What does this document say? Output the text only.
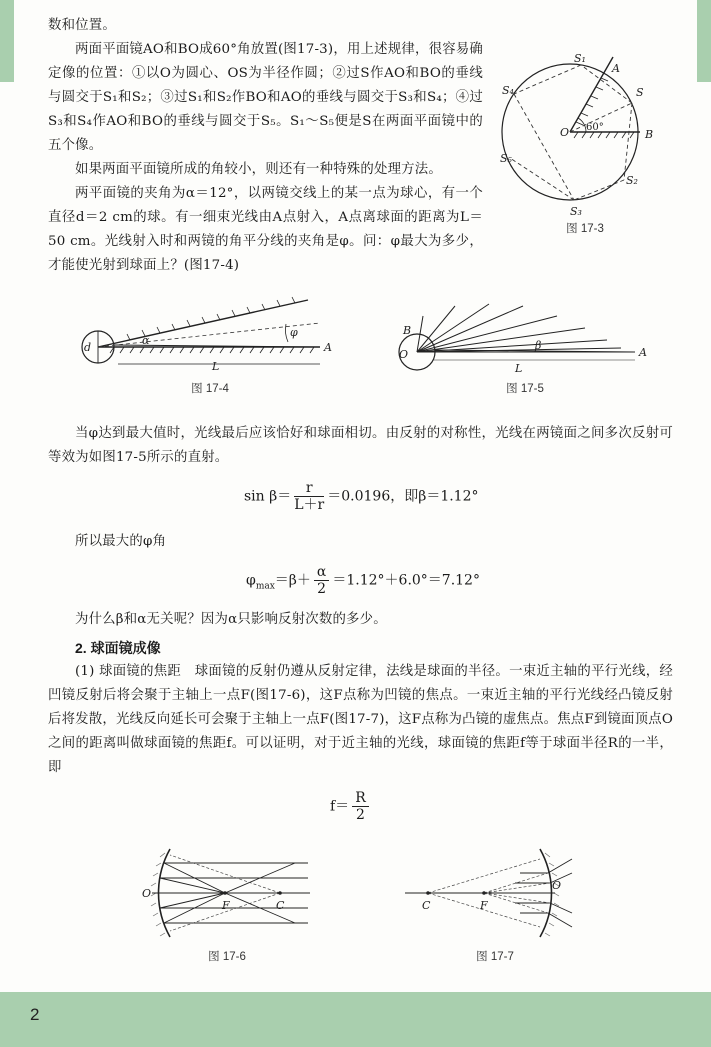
数和位置。

两面平面镜AO和BO成60°角放置(图17-3)，用上述规律，很容易确定像的位置：①以O为圆心、OS为半径作圆；②过S作AO和BO的垂线与圆交于S₁和S₂；③过S₁和S₂作BO和AO的垂线与圆交于S₃和S₄；④过S₃和S₄作AO和BO的垂线与圆交于S₅。S₁～S₅便是S在两面平面镜中的五个像。

如果两面平面镜所成的角较小，则还有一种特殊的处理方法。

两平面镜的夹角为α＝12°，以两镜交线上的某一点为球心，有一个直径d＝2 cm的球。有一细束光线由A点射入，A点离球面的距离为L＝50 cm。光线射入时和两镜的角平分线的夹角是φ。问：φ最大为多少，才能使光射到球面上？(图17-4)

S₁
A
S
S₄
O	B
S₅
S₂
S₃
60°
图 17-3
d
α
φ
L
A
图 17-4
B
O
β
L
A
图 17-5

当φ达到最大值时，光线最后应该恰好和球面相切。由反射的对称性，光线在两镜面之间多次反射可等效为如图17-5所示的直射。

$\sin \beta= \frac{r}{L+r} =0.0196$，即β＝1.12°

所以最大的φ角

$\varphi_{max}=\beta+ \frac{\alpha}{2} =1.12^\circ+6.0^\circ=7.12^\circ$

为什么β和α无关呢？因为α只影响反射次数的多少。

2. 球面镜成像

(1) 球面镜的焦距　球面镜的反射仍遵从反射定律，法线是球面的半径。一束近主轴的平行光线，经凹镜反射后将会聚于主轴上一点F(图17-6)，这F点称为凹镜的焦点。一束近主轴的平行光线经凸镜反射后将发散，光线反向延长可会聚于主轴上一点F(图17-7)，这F点称为凸镜的虚焦点。焦点F到镜面顶点O之间的距离叫做球面镜的焦距f。可以证明，对于近主轴的光线，球面镜的焦距f等于球面半径R的一半，即

$f= \frac{R}{2}$
O
F	C
图 17-6
C	F
O
图 17-7
2
